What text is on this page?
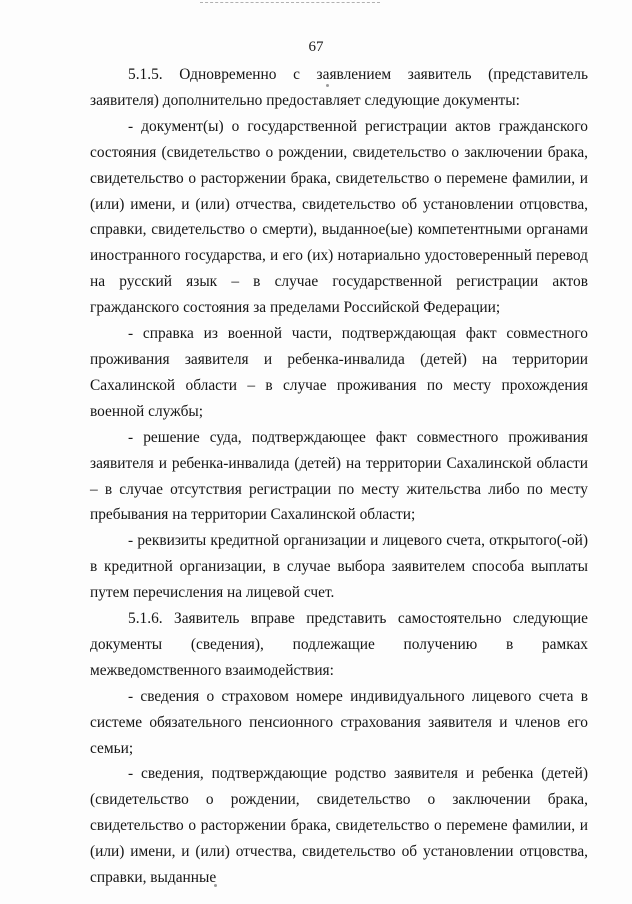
67

5.1.5. Одновременно с заявлением заявитель (представитель заявителя) дополнительно предоставляет следующие документы:

- документ(ы) о государственной регистрации актов гражданского состояния (свидетельство о рождении, свидетельство о заключении брака, свидетельство о расторжении брака, свидетельство о перемене фамилии, и (или) имени, и (или) отчества, свидетельство об установлении отцовства, справки, свидетельство о смерти), выданное(ые) компетентными органами иностранного государства, и его (их) нотариально удостоверенный перевод на русский язык – в случае государственной регистрации актов гражданского состояния за пределами Российской Федерации;

- справка из военной части, подтверждающая факт совместного проживания заявителя и ребенка-инвалида (детей) на территории Сахалинской области – в случае проживания по месту прохождения военной службы;

- решение суда, подтверждающее факт совместного проживания заявителя и ребенка-инвалида (детей) на территории Сахалинской области – в случае отсутствия регистрации по месту жительства либо по месту пребывания на территории Сахалинской области;

- реквизиты кредитной организации и лицевого счета, открытого(-ой) в кредитной организации, в случае выбора заявителем способа выплаты путем перечисления на лицевой счет.

5.1.6. Заявитель вправе представить самостоятельно следующие документы (сведения), подлежащие получению в рамках межведомственного взаимодействия:

- сведения о страховом номере индивидуального лицевого счета в системе обязательного пенсионного страхования заявителя и членов его семьи;

- сведения, подтверждающие родство заявителя и ребенка (детей) (свидетельство о рождении, свидетельство о заключении брака, свидетельство о расторжении брака, свидетельство о перемене фамилии, и (или) имени, и (или) отчества, свидетельство об установлении отцовства, справки, выданные
